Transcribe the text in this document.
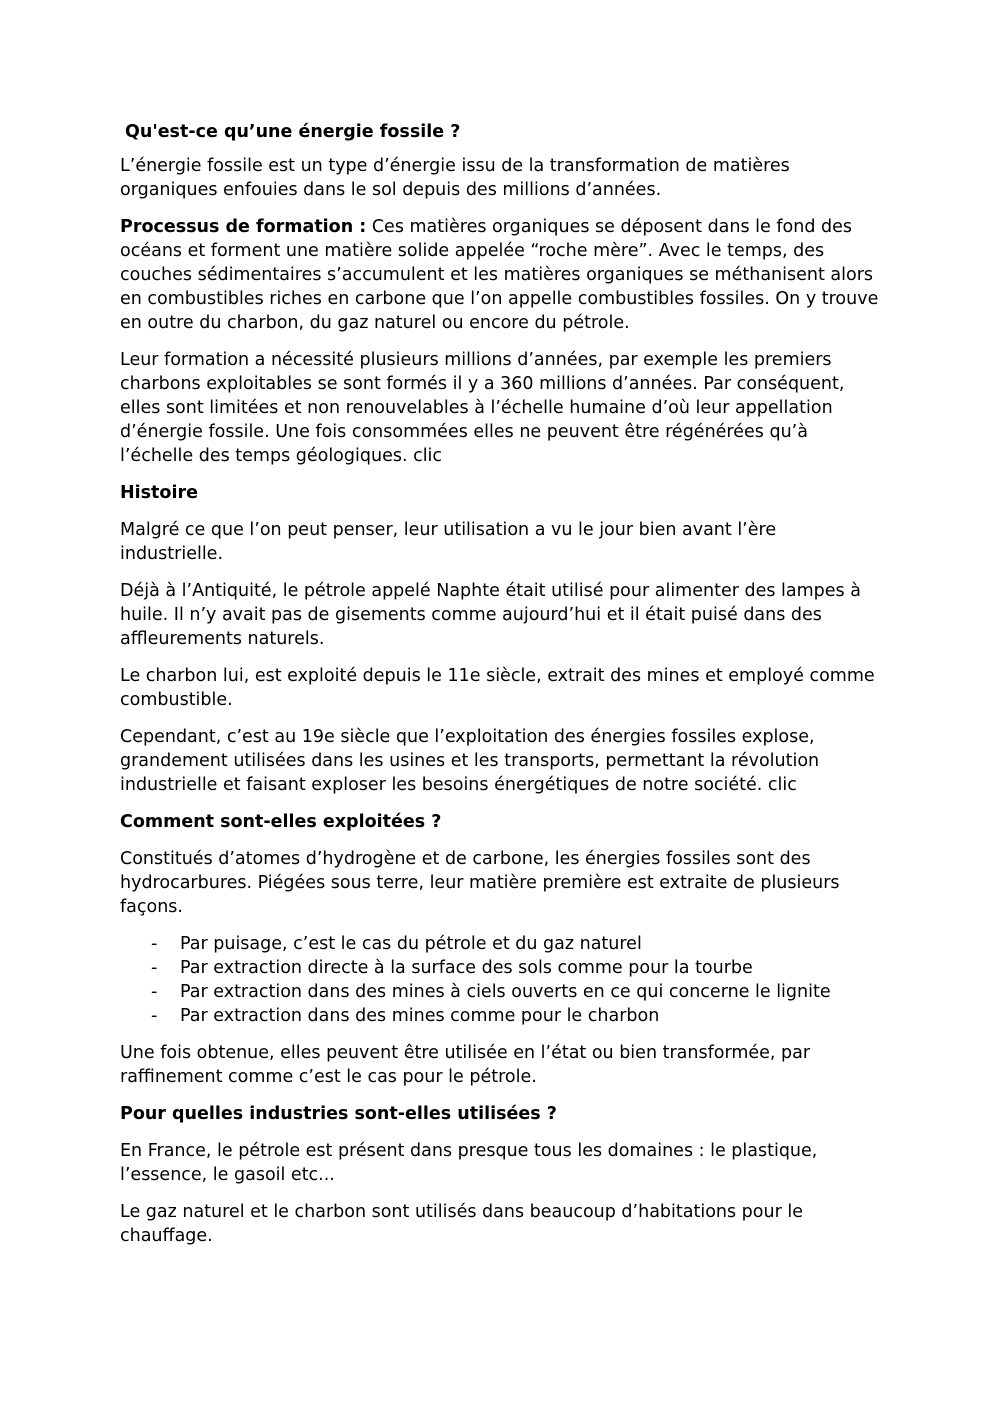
Qu'est-ce qu’une énergie fossile ?

L’énergie fossile est un type d’énergie issu de la transformation de matières organiques enfouies dans le sol depuis des millions d’années.

Processus de formation : Ces matières organiques se déposent dans le fond des océans et forment une matière solide appelée “roche mère”. Avec le temps, des couches sédimentaires s’accumulent et les matières organiques se méthanisent alors en combustibles riches en carbone que l’on appelle combustibles fossiles. On y trouve en outre du charbon, du gaz naturel ou encore du pétrole.

Leur formation a nécessité plusieurs millions d’années, par exemple les premiers charbons exploitables se sont formés il y a 360 millions d’années. Par conséquent, elles sont limitées et non renouvelables à l’échelle humaine d’où leur appellation d’énergie fossile. Une fois consommées elles ne peuvent être régénérées qu’à l’échelle des temps géologiques. clic

Histoire

Malgré ce que l’on peut penser, leur utilisation a vu le jour bien avant l’ère industrielle.

Déjà à l’Antiquité, le pétrole appelé Naphte était utilisé pour alimenter des lampes à huile. Il n’y avait pas de gisements comme aujourd’hui et il était puisé dans des affleurements naturels.

Le charbon lui, est exploité depuis le 11e siècle, extrait des mines et employé comme combustible.

Cependant, c’est au 19e siècle que l’exploitation des énergies fossiles explose, grandement utilisées dans les usines et les transports, permettant la révolution industrielle et faisant exploser les besoins énergétiques de notre société. clic

Comment sont-elles exploitées ?

Constitués d’atomes d’hydrogène et de carbone, les énergies fossiles sont des hydrocarbures. Piégées sous terre, leur matière première est extraite de plusieurs façons.

- Par puisage, c’est le cas du pétrole et du gaz naturel
- Par extraction directe à la surface des sols comme pour la tourbe
- Par extraction dans des mines à ciels ouverts en ce qui concerne le lignite
- Par extraction dans des mines comme pour le charbon

Une fois obtenue, elles peuvent être utilisée en l’état ou bien transformée, par raffinement comme c’est le cas pour le pétrole.

Pour quelles industries sont-elles utilisées ?

En France, le pétrole est présent dans presque tous les domaines : le plastique, l’essence, le gasoil etc...

Le gaz naturel et le charbon sont utilisés dans beaucoup d’habitations pour le chauffage.
